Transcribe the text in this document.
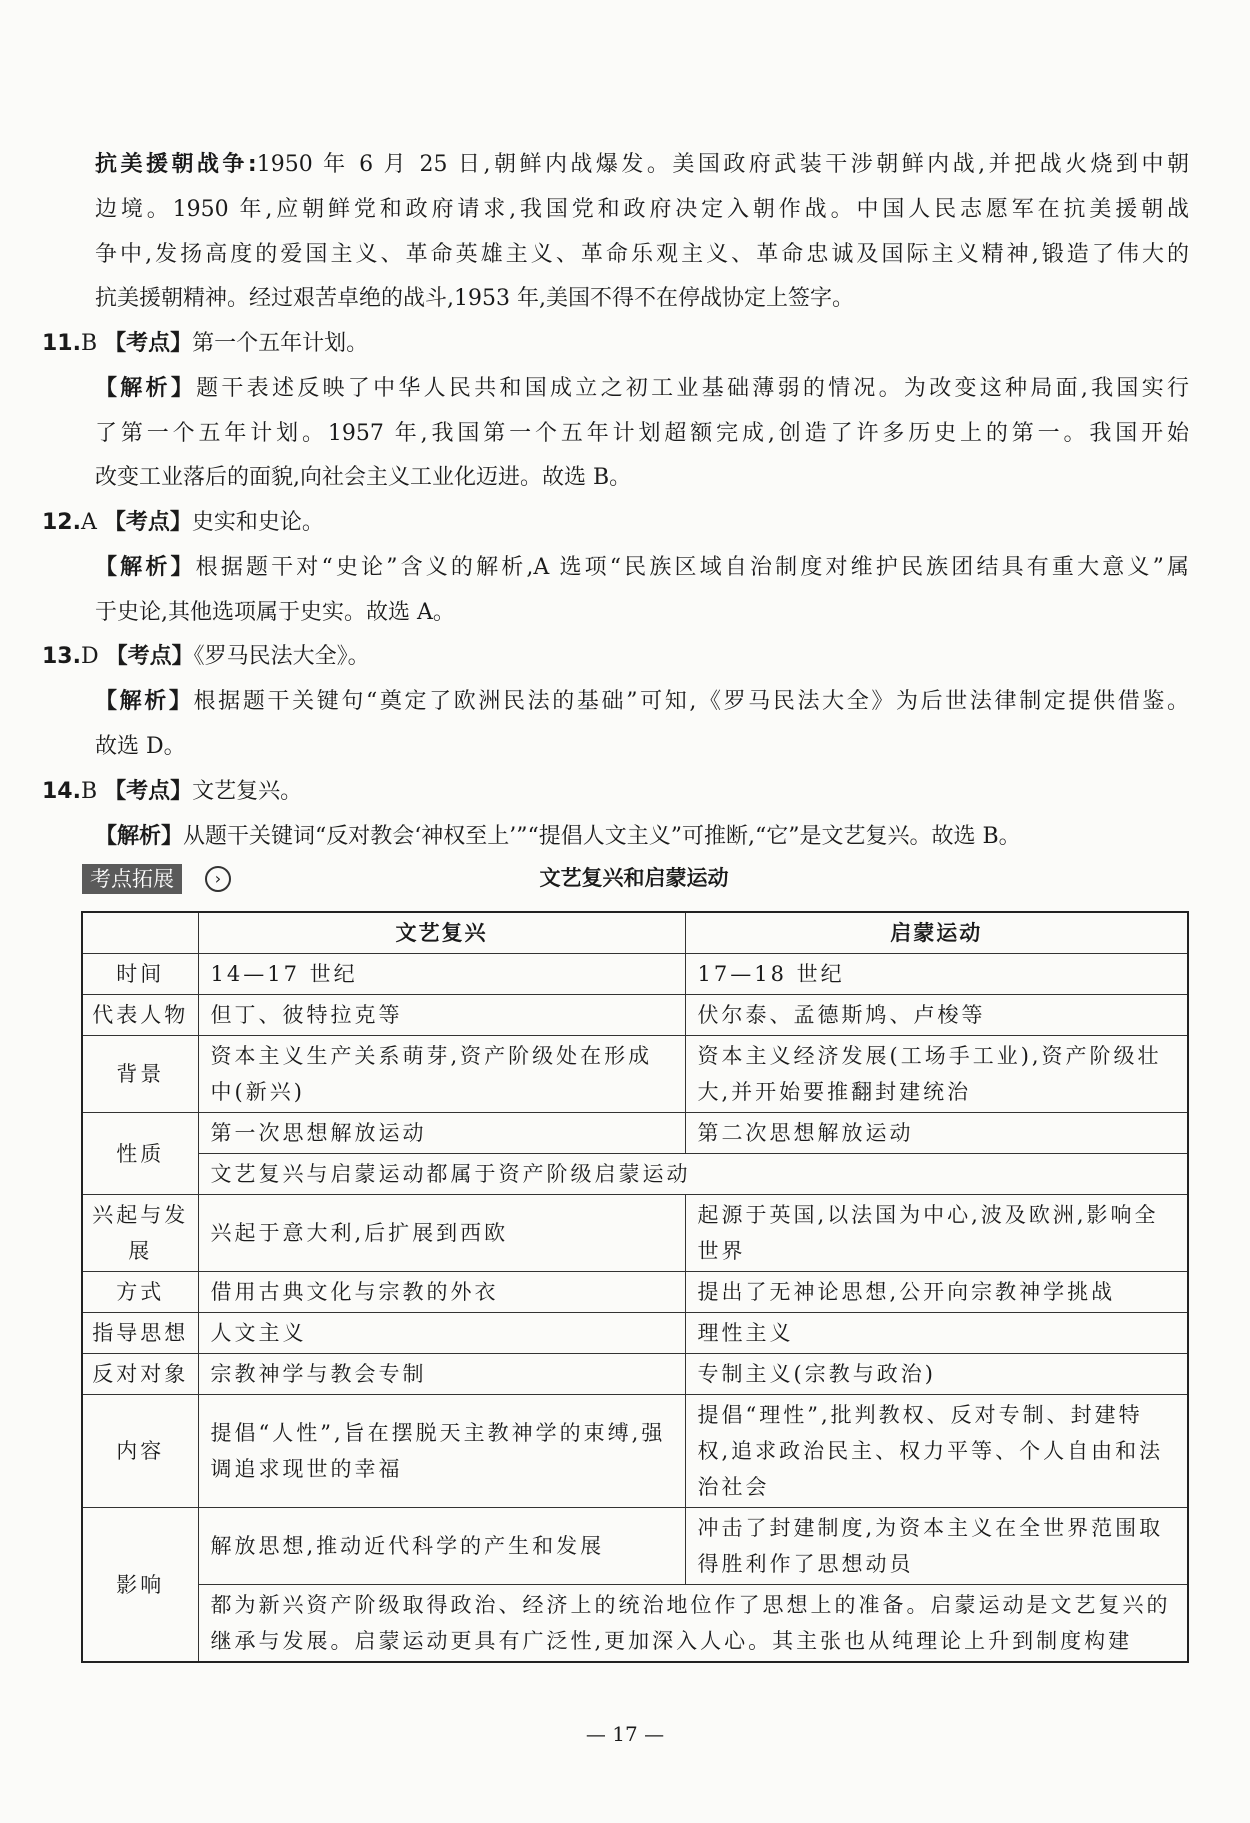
抗美援朝战争:1950 年 6 月 25 日,朝鲜内战爆发。美国政府武装干涉朝鲜内战,并把战火烧到中朝
边境。1950 年,应朝鲜党和政府请求,我国党和政府决定入朝作战。中国人民志愿军在抗美援朝战
争中,发扬高度的爱国主义、革命英雄主义、革命乐观主义、革命忠诚及国际主义精神,锻造了伟大的
抗美援朝精神。经过艰苦卓绝的战斗,1953 年,美国不得不在停战协定上签字。
11.B 【考点】第一个五年计划。
【解析】题干表述反映了中华人民共和国成立之初工业基础薄弱的情况。为改变这种局面,我国实行
了第一个五年计划。1957 年,我国第一个五年计划超额完成,创造了许多历史上的第一。我国开始
改变工业落后的面貌,向社会主义工业化迈进。故选 B。
12.A 【考点】史实和史论。
【解析】根据题干对“史论”含义的解析,A 选项“民族区域自治制度对维护民族团结具有重大意义”属
于史论,其他选项属于史实。故选 A。
13.D 【考点】《罗马民法大全》。
【解析】根据题干关键句“奠定了欧洲民法的基础”可知,《罗马民法大全》为后世法律制定提供借鉴。
故选 D。
14.B 【考点】文艺复兴。
【解析】从题干关键词“反对教会‘神权至上’”“提倡人文主义”可推断,“它”是文艺复兴。故选 B。
考点拓展	›	文艺复兴和启蒙运动
	文艺复兴	启蒙运动
时间	14—17 世纪	17—18 世纪
代表人物	但丁、彼特拉克等	伏尔泰、孟德斯鸠、卢梭等
背景	资本主义生产关系萌芽,资产阶级处在形成中(新兴)	资本主义经济发展(工场手工业),资产阶级壮大,并开始要推翻封建统治
性质	第一次思想解放运动	第二次思想解放运动
	文艺复兴与启蒙运动都属于资产阶级启蒙运动	
兴起与发展	兴起于意大利,后扩展到西欧	起源于英国,以法国为中心,波及欧洲,影响全世界
方式	借用古典文化与宗教的外衣	提出了无神论思想,公开向宗教神学挑战
指导思想	人文主义	理性主义
反对对象	宗教神学与教会专制	专制主义(宗教与政治)
内容	提倡“人性”,旨在摆脱天主教神学的束缚,强调追求现世的幸福	提倡“理性”,批判教权、反对专制、封建特权,追求政治民主、权力平等、个人自由和法治社会
影响	解放思想,推动近代科学的产生和发展	冲击了封建制度,为资本主义在全世界范围取得胜利作了思想动员
	都为新兴资产阶级取得政治、经济上的统治地位作了思想上的准备。启蒙运动是文艺复兴的继承与发展。启蒙运动更具有广泛性,更加深入人心。其主张也从纯理论上升到制度构建	
— 17 —
